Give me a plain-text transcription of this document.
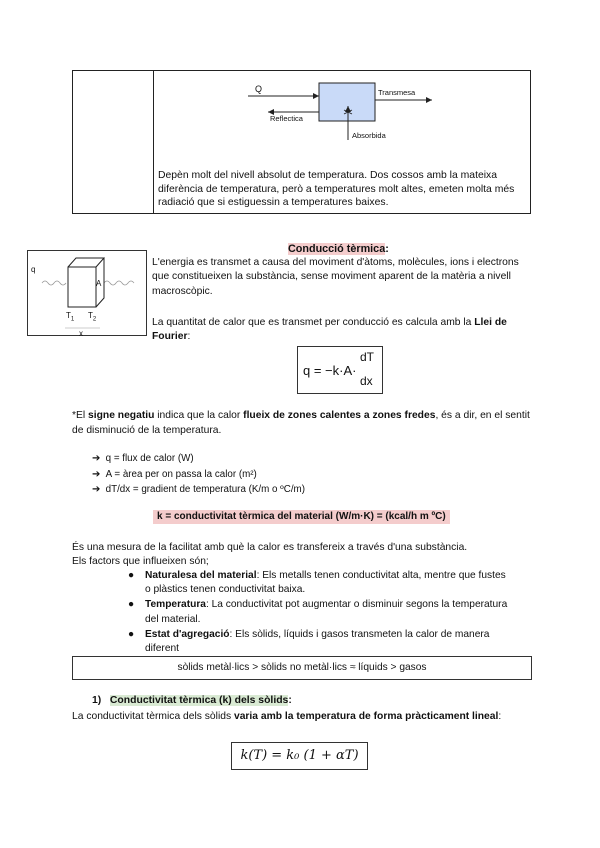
Q	Transmesa
Reflectica
Absorbida
Depèn molt del nivell absolut de temperatura. Dos cossos amb la mateixa diferència de temperatura, però a temperatures molt altes, emeten molta més radiació que si estiguessin a temperatures baixes.
Conducció tèrmica:
q
A
$T_1$ $T_2$
x
L'energia es transmet a causa del moviment d'àtoms, molècules, ions i electrons que constitueixen la substància, sense moviment aparent de la matèria a nivell macroscòpic.
La quantitat de calor que es transmet per conducció es calcula amb la Llei de Fourier:
q = −k·A·
dT
dx
*El signe negatiu indica que la calor flueix de zones calentes a zones fredes, és a dir, en el sentit de disminució de la temperatura.
➔  q = flux de calor (W)
➔  A = àrea per on passa la calor (m²)
➔  dT/dx = gradient de temperatura (K/m o ºC/m)
k = conductivitat tèrmica del material (W/m·K) = (kcal/h m ºC)
És una mesura de la facilitat amb què la calor es transfereix a través d'una substància.
Els factors que influeixen són;
● Naturalesa del material: Els metalls tenen conductivitat alta, mentre que fustes o plàstics tenen conductivitat baixa.
● Temperatura: La conductivitat pot augmentar o disminuir segons la temperatura del material.
● Estat d'agregació: Els sòlids, líquids i gasos transmeten la calor de manera diferent
sòlids metàl·lics > sòlids no metàl·lics ≈ líquids > gasos
1) Conductivitat tèrmica (k) dels sòlids:
La conductivitat tèrmica dels sòlids varia amb la temperatura de forma pràcticament lineal:
k(T) = k₀ (1 + αT)
